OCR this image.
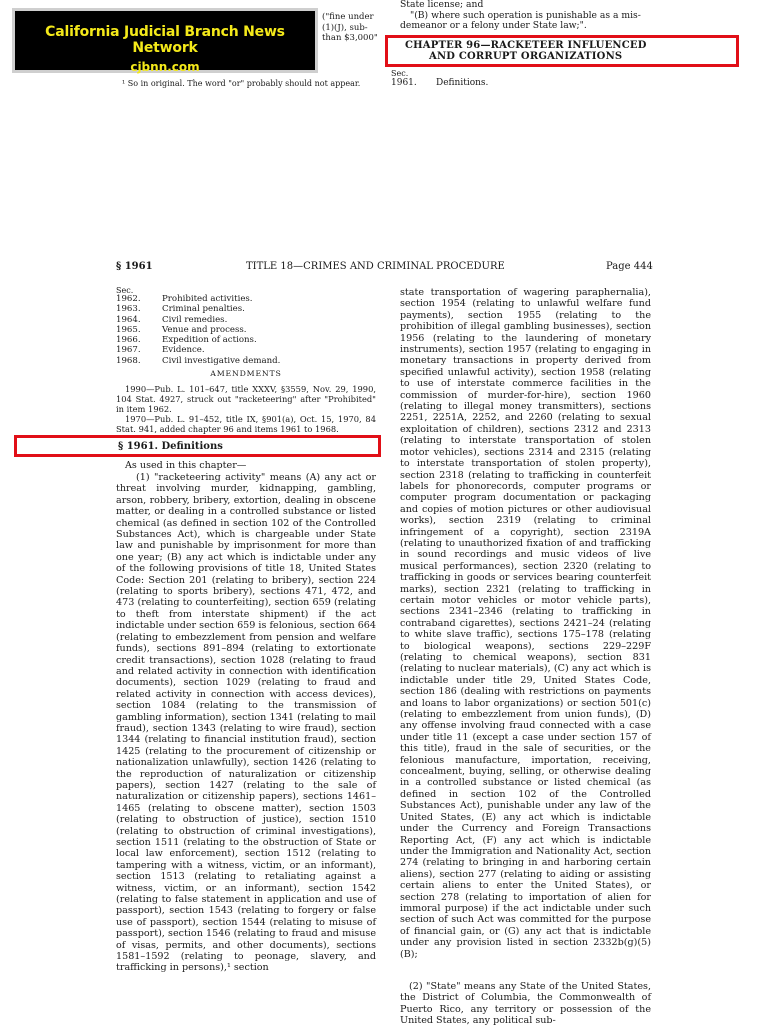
California Judicial Branch News Network
cjbnn.com
("fine under
(1)(J), sub-
than $3,000"
¹ So in original. The word "or" probably should not appear.
State license; and
"(B) where such operation is punishable as a mis-
demeanor or a felony under State law;".
CHAPTER 96—RACKETEER INFLUENCED
AND CORRUPT ORGANIZATIONS
Sec.
1961.	Definitions.
§ 1961	TITLE 18—CRIMES AND CRIMINAL PROCEDURE	Page 444
Sec.
1962.	Prohibited activities.
1963.	Criminal penalties.
1964.	Civil remedies.
1965.	Venue and process.
1966.	Expedition of actions.
1967.	Evidence.
1968.	Civil investigative demand.
AMENDMENTS
1990—Pub. L. 101–647, title XXXV, §3559, Nov. 29, 1990, 104 Stat. 4927, struck out "racketeering" after "Prohibited" in item 1962.
1970—Pub. L. 91–452, title IX, §901(a), Oct. 15, 1970, 84 Stat. 941, added chapter 96 and items 1961 to 1968.
§ 1961. Definitions
As used in this chapter—
(1) "racketeering activity" means (A) any act or threat involving murder, kidnapping, gambling, arson, robbery, bribery, extortion, dealing in obscene matter, or dealing in a controlled substance or listed chemical (as defined in section 102 of the Controlled Substances Act), which is chargeable under State law and punishable by imprisonment for more than one year; (B) any act which is indictable under any of the following provisions of title 18, United States Code: Section 201 (relating to bribery), section 224 (relating to sports bribery), sections 471, 472, and 473 (relating to counterfeiting), section 659 (relating to theft from interstate shipment) if the act indictable under section 659 is felonious, section 664 (relating to embezzlement from pension and welfare funds), sections 891–894 (relating to extortionate credit transactions), section 1028 (relating to fraud and related activity in connection with identification documents), section 1029 (relating to fraud and related activity in connection with access devices), section 1084 (relating to the transmission of gambling information), section 1341 (relating to mail fraud), section 1343 (relating to wire fraud), section 1344 (relating to financial institution fraud), section 1425 (relating to the procurement of citizenship or nationalization unlawfully), section 1426 (relating to the reproduction of naturalization or citizenship papers), section 1427 (relating to the sale of naturalization or citizenship papers), sections 1461–1465 (relating to obscene matter), section 1503 (relating to obstruction of justice), section 1510 (relating to obstruction of criminal investigations), section 1511 (relating to the obstruction of State or local law enforcement), section 1512 (relating to tampering with a witness, victim, or an informant), section 1513 (relating to retaliating against a witness, victim, or an informant), section 1542 (relating to false statement in application and use of passport), section 1543 (relating to forgery or false use of passport), section 1544 (relating to misuse of passport), section 1546 (relating to fraud and misuse of visas, permits, and other documents), sections 1581–1592 (relating to peonage, slavery, and trafficking in persons),¹ section
state transportation of wagering paraphernalia), section 1954 (relating to unlawful welfare fund payments), section 1955 (relating to the prohibition of illegal gambling businesses), section 1956 (relating to the laundering of monetary instruments), section 1957 (relating to engaging in monetary transactions in property derived from specified unlawful activity), section 1958 (relating to use of interstate commerce facilities in the commission of murder-for-hire), section 1960 (relating to illegal money transmitters), sections 2251, 2251A, 2252, and 2260 (relating to sexual exploitation of children), sections 2312 and 2313 (relating to interstate transportation of stolen motor vehicles), sections 2314 and 2315 (relating to interstate transportation of stolen property), section 2318 (relating to trafficking in counterfeit labels for phonorecords, computer programs or computer program documentation or packaging and copies of motion pictures or other audiovisual works), section 2319 (relating to criminal infringement of a copyright), section 2319A (relating to unauthorized fixation of and trafficking in sound recordings and music videos of live musical performances), section 2320 (relating to trafficking in goods or services bearing counterfeit marks), section 2321 (relating to trafficking in certain motor vehicles or motor vehicle parts), sections 2341–2346 (relating to trafficking in contraband cigarettes), sections 2421–24 (relating to white slave traffic), sections 175–178 (relating to biological weapons), sections 229–229F (relating to chemical weapons), section 831 (relating to nuclear materials), (C) any act which is indictable under title 29, United States Code, section 186 (dealing with restrictions on payments and loans to labor organizations) or section 501(c) (relating to embezzlement from union funds), (D) any offense involving fraud connected with a case under title 11 (except a case under section 157 of this title), fraud in the sale of securities, or the felonious manufacture, importation, receiving, concealment, buying, selling, or otherwise dealing in a controlled substance or listed chemical (as defined in section 102 of the Controlled Substances Act), punishable under any law of the United States, (E) any act which is indictable under the Currency and Foreign Transactions Reporting Act, (F) any act which is indictable under the Immigration and Nationality Act, section 274 (relating to bringing in and harboring certain aliens), section 277 (relating to aiding or assisting certain aliens to enter the United States), or section 278 (relating to importation of alien for immoral purpose) if the act indictable under such section of such Act was committed for the purpose of financial gain, or (G) any act that is indictable under any provision listed in section 2332b(g)(5)(B);
(2) "State" means any State of the United States, the District of Columbia, the Commonwealth of Puerto Rico, any territory or possession of the United States, any political sub-
